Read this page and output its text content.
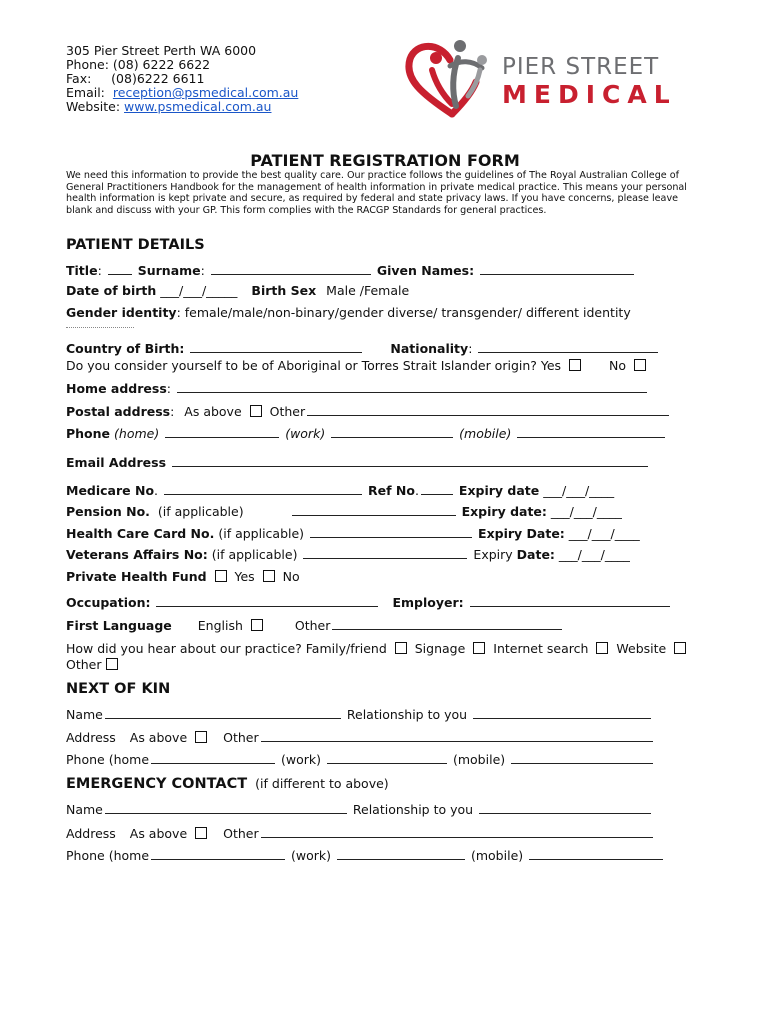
305 Pier Street Perth WA 6000
Phone: (08) 6222 6622
Fax:     (08)6222 6611
Email: reception@psmedical.com.au
Website: www.psmedical.com.au
PIER STREET
MEDICAL
PATIENT REGISTRATION FORM
We need this information to provide the best quality care. Our practice follows the guidelines of The Royal Australian College of General Practitioners Handbook for the management of health information in private medical practice. This means your personal health information is kept private and secure, as required by federal and state privacy laws. If you have concerns, please leave blank and discuss with your GP. This form complies with the RACGP Standards for general practices.
PATIENT DETAILS
Title:	Surname:	Given Names:
Date of birth ___/___/_____ Birth Sex Male /Female
Gender identity: female/male/non-binary/gender diverse/ transgender/ different identity
Country of Birth:	Nationality:
Do you consider yourself to be of Aboriginal or Torres Strait Islander origin? Yes	No
Home address:
Postal address: As above Other
Phone (home)	(work)	(mobile)
Email Address
Medicare No.	Ref No.	Expiry date ___/___/____
Pension No. (if applicable)	Expiry date: ___/___/____
Health Care Card No. (if applicable)	Expiry Date: ___/___/____
Veterans Affairs No: (if applicable)	Expiry Date: ___/___/____
Private Health Fund Yes No
Occupation:	Employer:
First Language English	Other
How did you hear about our practice? Family/friend Signage Internet search Website
Other
NEXT OF KIN
Name	Relationship to you
Address As above	Other
Phone (home	(work)	(mobile)
EMERGENCY CONTACT (if different to above)
Name	Relationship to you
Address As above	Other
Phone (home	(work)	(mobile)
